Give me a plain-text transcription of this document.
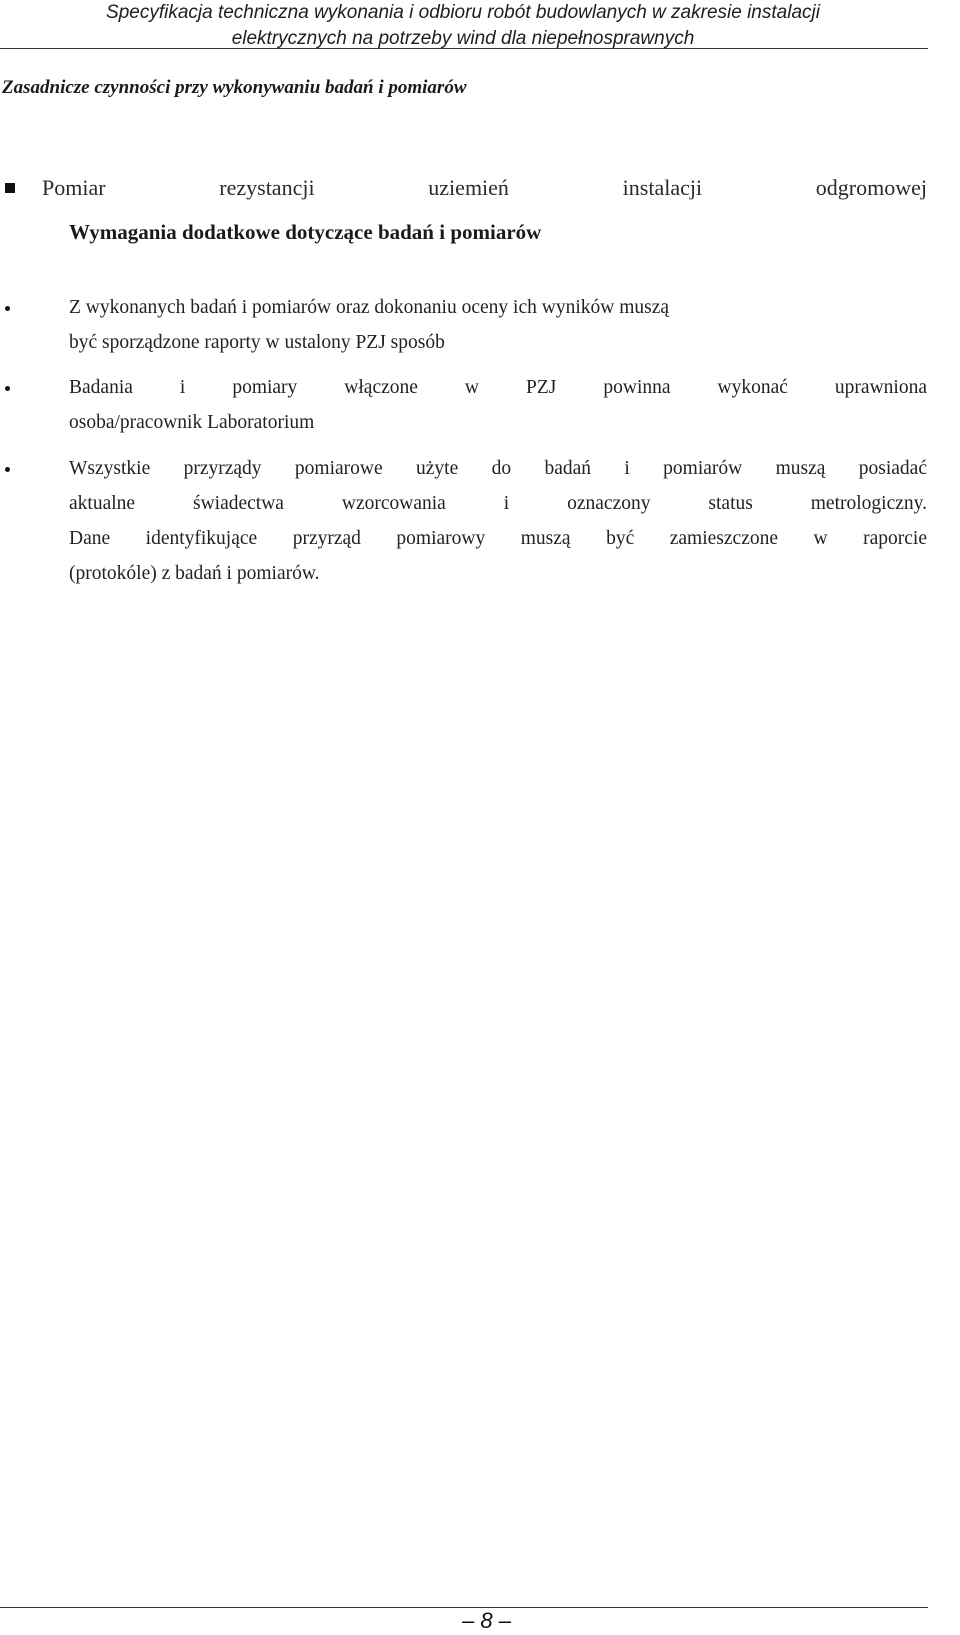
Specyfikacja techniczna wykonania i odbioru robót budowlanych w zakresie instalacji
elektrycznych na potrzeby wind dla niepełnosprawnych
Zasadnicze czynności przy wykonywaniu badań i pomiarów
Pomiar	rezystancji	uziemień	instalacji	odgromowej
Wymagania dodatkowe dotyczące badań i pomiarów

Z wykonanych badań i pomiarów oraz dokonaniu oceny ich wyników muszą

być sporządzone raporty w ustalony PZJ sposób

Badania i pomiary włączone w PZJ powinna wykonać uprawniona

osoba/pracownik Laboratorium

Wszystkie przyrządy pomiarowe użyte do badań i pomiarów muszą posiadać

aktualne świadectwa wzorcowania i oznaczony status metrologiczny.

Dane identyfikujące przyrząd pomiarowy muszą być zamieszczone w raporcie

(protokóle) z badań i pomiarów.

– 8 –
